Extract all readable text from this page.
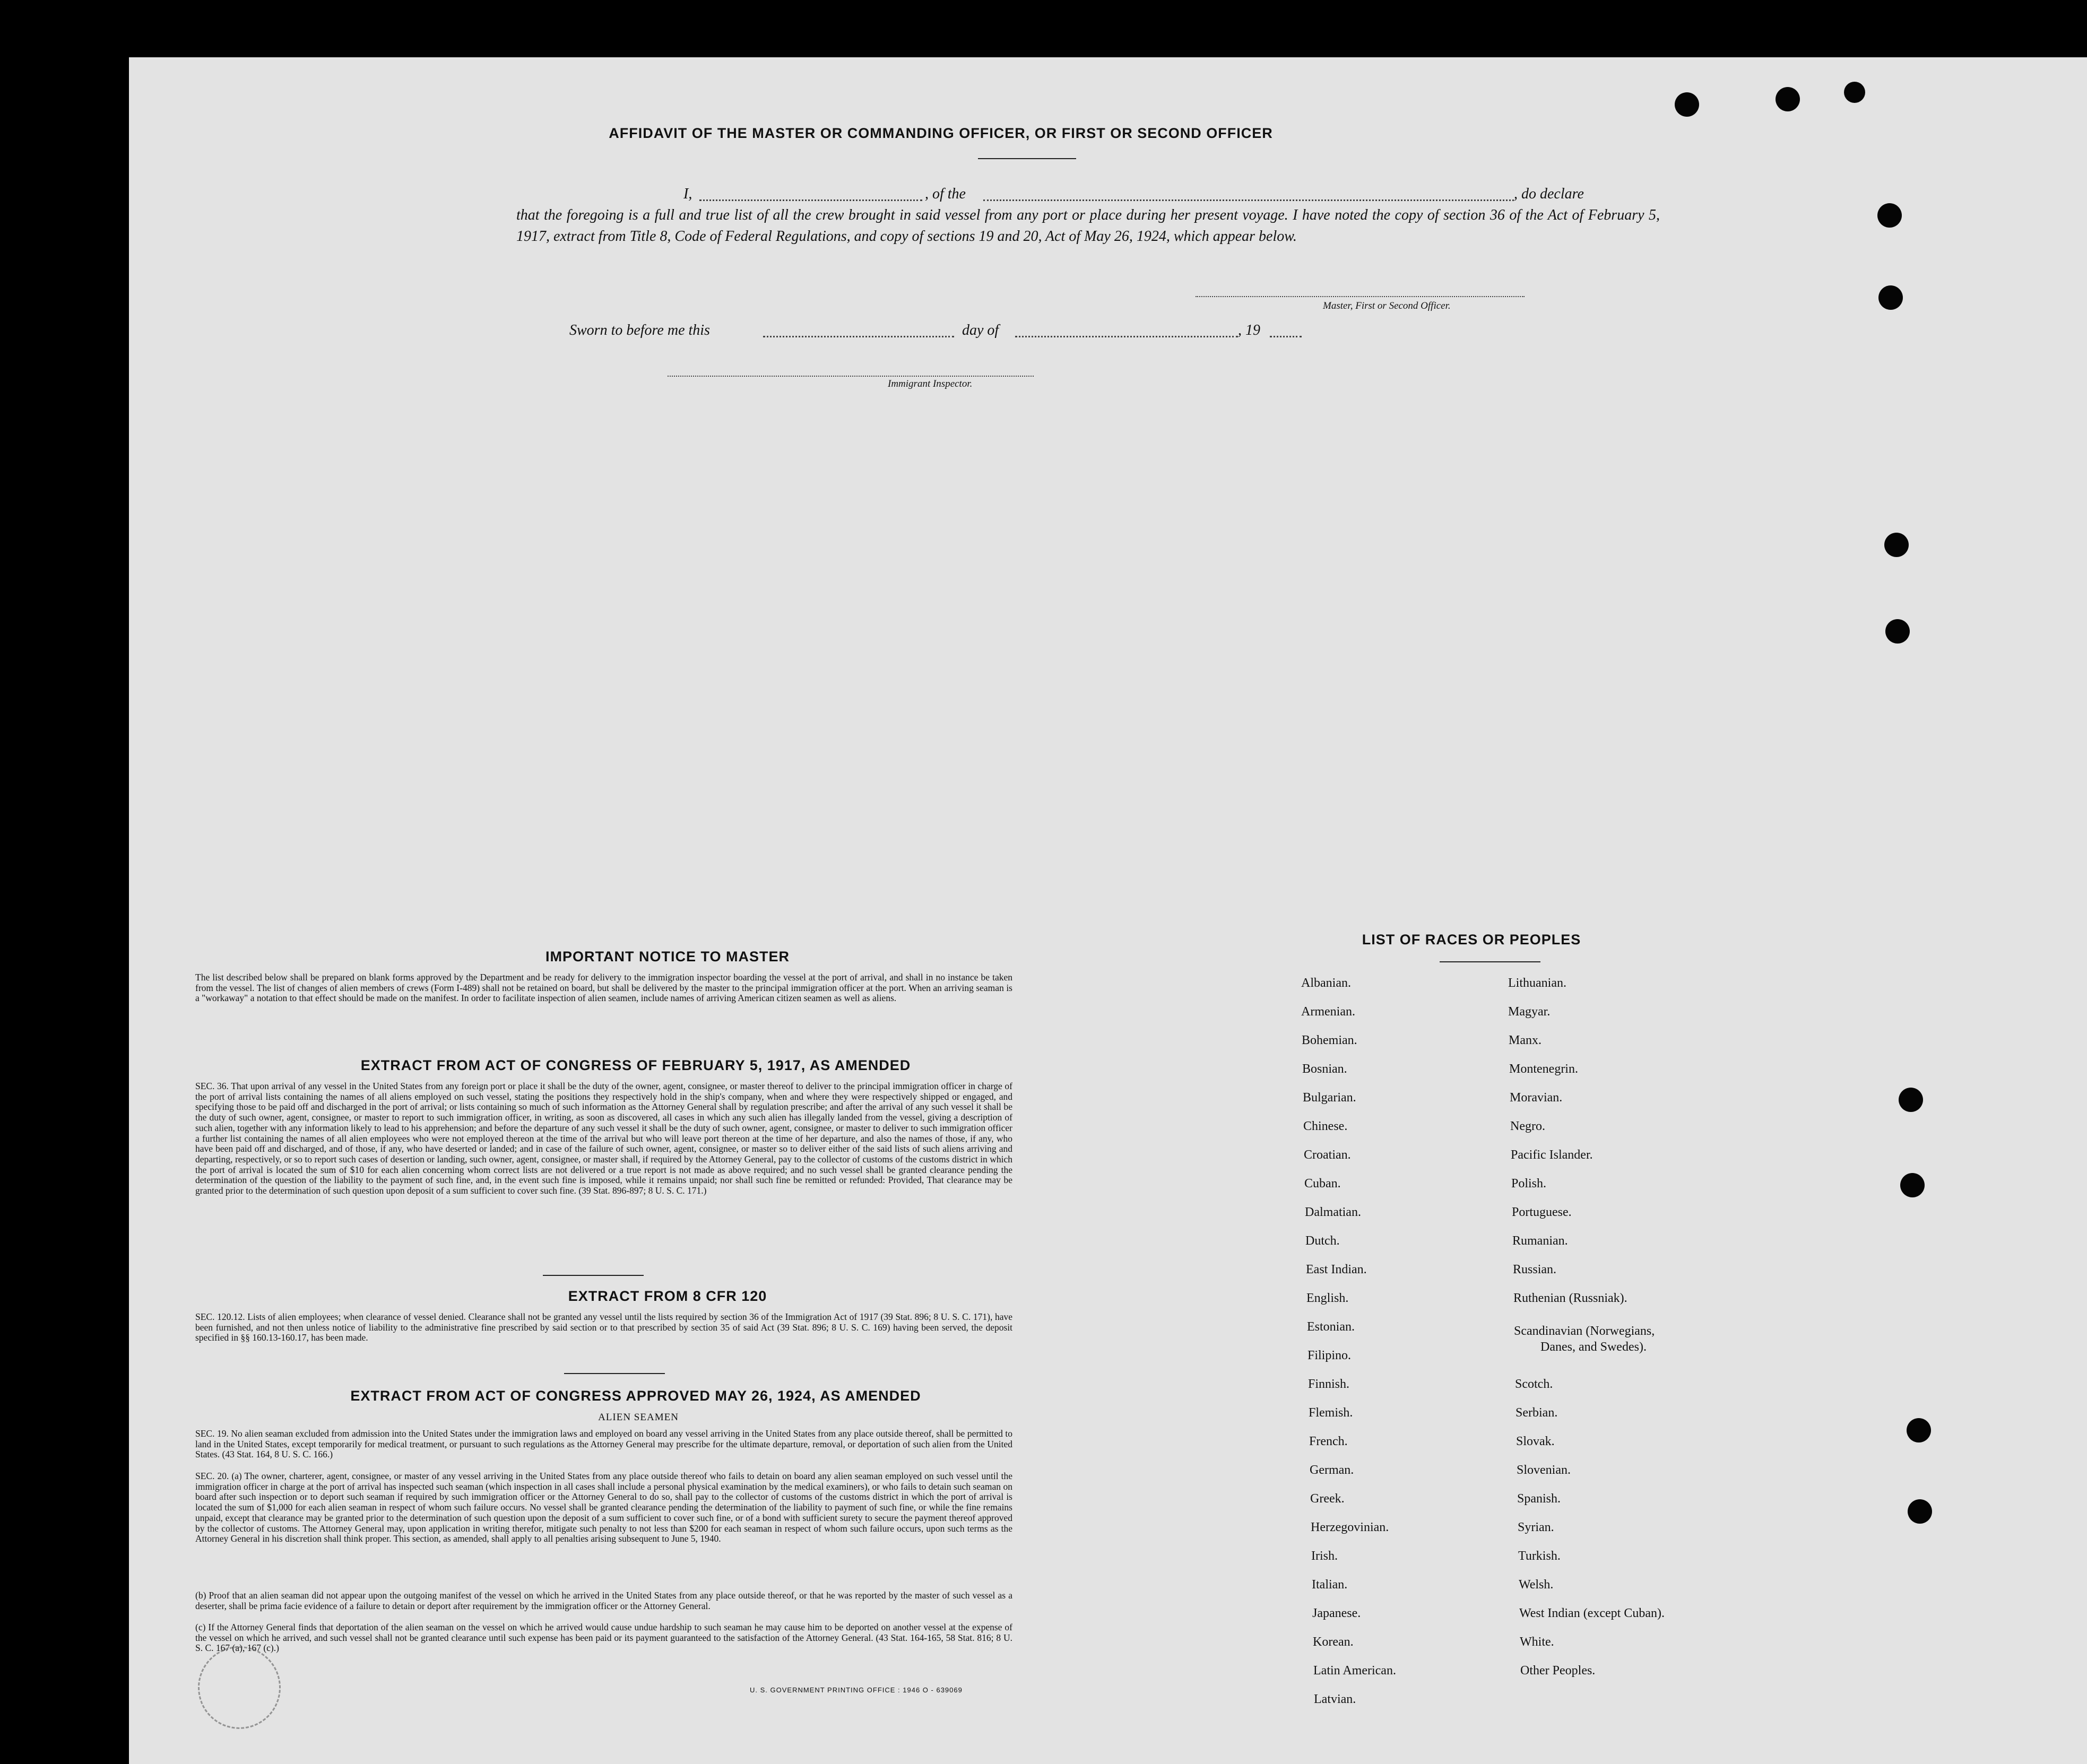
AFFIDAVIT OF THE MASTER OR COMMANDING OFFICER, OR FIRST OR SECOND OFFICER
I,	, of the	, do declare
that the foregoing is a full and true list of all the crew brought in said vessel from any port or place during her present voyage. I have noted the copy of section 36 of the Act of February 5, 1917, extract from Title 8, Code of Federal Regulations, and copy of sections 19 and 20, Act of May 26, 1924, which appear below.
Master, First or Second Officer.
Sworn to before me this	day of	, 19
Immigrant Inspector.
IMPORTANT NOTICE TO MASTER
The list described below shall be prepared on blank forms approved by the Department and be ready for delivery to the immigration inspector boarding the vessel at the port of arrival, and shall in no instance be taken from the vessel. The list of changes of alien members of crews (Form I-489) shall not be retained on board, but shall be delivered by the master to the principal immigration officer at the port. When an arriving seaman is a "workaway" a notation to that effect should be made on the manifest. In order to facilitate inspection of alien seamen, include names of arriving American citizen seamen as well as aliens.
EXTRACT FROM ACT OF CONGRESS OF FEBRUARY 5, 1917, AS AMENDED
SEC. 36. That upon arrival of any vessel in the United States from any foreign port or place it shall be the duty of the owner, agent, consignee, or master thereof to deliver to the principal immigration officer in charge of the port of arrival lists containing the names of all aliens employed on such vessel, stating the positions they respectively hold in the ship's company, when and where they were respectively shipped or engaged, and specifying those to be paid off and discharged in the port of arrival; or lists containing so much of such information as the Attorney General shall by regulation prescribe; and after the arrival of any such vessel it shall be the duty of such owner, agent, consignee, or master to report to such immigration officer, in writing, as soon as discovered, all cases in which any such alien has illegally landed from the vessel, giving a description of such alien, together with any information likely to lead to his apprehension; and before the departure of any such vessel it shall be the duty of such owner, agent, consignee, or master to deliver to such immigration officer a further list containing the names of all alien employees who were not employed thereon at the time of the arrival but who will leave port thereon at the time of her departure, and also the names of those, if any, who have been paid off and discharged, and of those, if any, who have deserted or landed; and in case of the failure of such owner, agent, consignee, or master so to deliver either of the said lists of such aliens arriving and departing, respectively, or so to report such cases of desertion or landing, such owner, agent, consignee, or master shall, if required by the Attorney General, pay to the collector of customs of the customs district in which the port of arrival is located the sum of $10 for each alien concerning whom correct lists are not delivered or a true report is not made as above required; and no such vessel shall be granted clearance pending the determination of the question of the liability to the payment of such fine, and, in the event such fine is imposed, while it remains unpaid; nor shall such fine be remitted or refunded: Provided, That clearance may be granted prior to the determination of such question upon deposit of a sum sufficient to cover such fine. (39 Stat. 896-897; 8 U. S. C. 171.)
EXTRACT FROM 8 CFR 120
SEC. 120.12. Lists of alien employees; when clearance of vessel denied. Clearance shall not be granted any vessel until the lists required by section 36 of the Immigration Act of 1917 (39 Stat. 896; 8 U. S. C. 171), have been furnished, and not then unless notice of liability to the administrative fine prescribed by said section or to that prescribed by section 35 of said Act (39 Stat. 896; 8 U. S. C. 169) having been served, the deposit specified in §§ 160.13-160.17, has been made.
EXTRACT FROM ACT OF CONGRESS APPROVED MAY 26, 1924, AS AMENDED
ALIEN SEAMEN
SEC. 19. No alien seaman excluded from admission into the United States under the immigration laws and employed on board any vessel arriving in the United States from any place outside thereof, shall be permitted to land in the United States, except temporarily for medical treatment, or pursuant to such regulations as the Attorney General may prescribe for the ultimate departure, removal, or deportation of such alien from the United States. (43 Stat. 164, 8 U. S. C. 166.)
SEC. 20. (a) The owner, charterer, agent, consignee, or master of any vessel arriving in the United States from any place outside thereof who fails to detain on board any alien seaman employed on such vessel until the immigration officer in charge at the port of arrival has inspected such seaman (which inspection in all cases shall include a personal physical examination by the medical examiners), or who fails to detain such seaman on board after such inspection or to deport such seaman if required by such immigration officer or the Attorney General to do so, shall pay to the collector of customs of the customs district in which the port of arrival is located the sum of $1,000 for each alien seaman in respect of whom such failure occurs. No vessel shall be granted clearance pending the determination of the liability to payment of such fine, or while the fine remains unpaid, except that clearance may be granted prior to the determination of such question upon the deposit of a sum sufficient to cover such fine, or of a bond with sufficient surety to secure the payment thereof approved by the collector of customs. The Attorney General may, upon application in writing therefor, mitigate such penalty to not less than $200 for each seaman in respect of whom such failure occurs, upon such terms as the Attorney General in his discretion shall think proper. This section, as amended, shall apply to all penalties arising subsequent to June 5, 1940.
(b) Proof that an alien seaman did not appear upon the outgoing manifest of the vessel on which he arrived in the United States from any place outside thereof, or that he was reported by the master of such vessel as a deserter, shall be prima facie evidence of a failure to detain or deport after requirement by the immigration officer or the Attorney General.
(c) If the Attorney General finds that deportation of the alien seaman on the vessel on which he arrived would cause undue hardship to such seaman he may cause him to be deported on another vessel at the expense of the vessel on which he arrived, and such vessel shall not be granted clearance until such expense has been paid or its payment guaranteed to the satisfaction of the Attorney General. (43 Stat. 164-165, 58 Stat. 816; 8 U. S. C. 167 (a), 167 (c).)
U. S. GOVERNMENT PRINTING OFFICE : 1946 O - 639069
LIST OF RACES OR PEOPLES
Albanian.
Armenian.
Bohemian.
Bosnian.
Bulgarian.
Chinese.
Croatian.
Cuban.
Dalmatian.
Dutch.
East Indian.
English.
Estonian.
Filipino.
Finnish.
Flemish.
French.
German.
Greek.
Herzegovinian.
Irish.
Italian.
Japanese.
Korean.
Latin American.
Latvian.
Lithuanian.
Magyar.
Manx.
Montenegrin.
Moravian.
Negro.
Pacific Islander.
Polish.
Portuguese.
Rumanian.
Russian.
Ruthenian (Russniak).
Scandinavian (Norwegians,
Danes, and Swedes).
Scotch.
Serbian.
Slovak.
Slovenian.
Spanish.
Syrian.
Turkish.
Welsh.
West Indian (except Cuban).
White.
Other Peoples.
